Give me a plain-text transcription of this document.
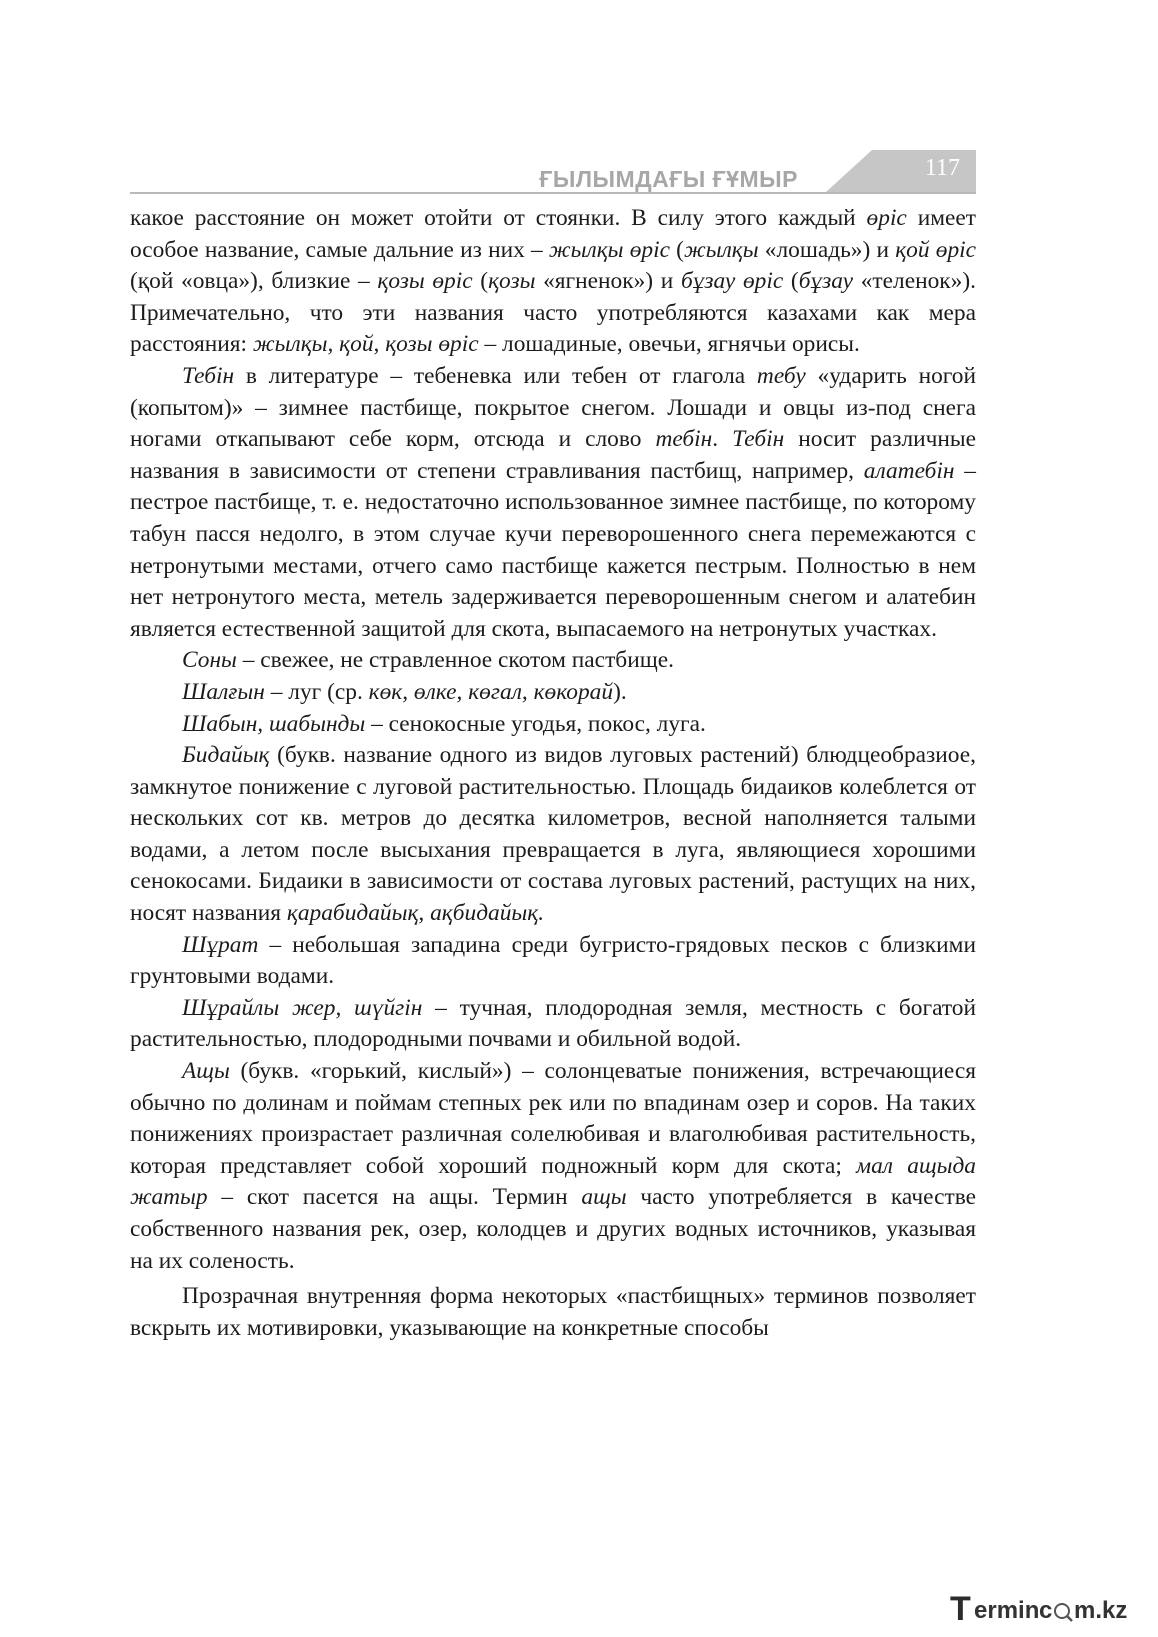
ҒЫЛЫМДАҒЫ ҒҰМЫР	117

какое расстояние он может отойти от стоянки. В силу этого каждый өріс имеет особое название, самые дальние из них – жылқы өріс (жылқы «лошадь») и қой өріс (қой «овца»), близкие – қозы өріс (қозы «ягненок») и бұзау өріс (бұзау «теленок»). Примечательно, что эти названия часто употребляются казахами как мера расстояния: жылқы, қой, қозы өріс – лошадиные, овечьи, ягнячьи орисы.

Тебін в литературе – тебеневка или тебен от глагола тебу «ударить ногой (копытом)» – зимнее пастбище, покрытое снегом. Лошади и овцы из-под снега ногами откапывают себе корм, отсюда и слово тебін. Тебін носит различные названия в зависимости от степени стравливания пастбищ, например, алатебін – пестрое пастбище, т. е. недостаточно использованное зимнее пастбище, по которому табун пасся недолго, в этом случае кучи переворошенного снега перемежаются с нетронутыми местами, отчего само пастбище кажется пестрым. Полностью в нем нет нетронутого места, метель задерживается переворошенным снегом и алатебин является естественной защитой для скота, выпасаемого на нетронутых участках.

Соны – свежее, не стравленное скотом пастбище.

Шалғын – луг (ср. көк, өлке, көгал, көкорай).

Шабын, шабынды – сенокосные угодья, покос, луга.

Бидайық (букв. название одного из видов луговых растений) блюдцеобразиое, замкнутое понижение с луговой растительностью. Площадь бидаиков колеблется от нескольких сот кв. метров до десятка километров, весной наполняется талыми водами, а летом после высыхания превращается в луга, являющиеся хорошими сенокосами. Бидаики в зависимости от состава луговых растений, растущих на них, носят названия қарабидайық, ақбидайық.

Шұрат – небольшая западина среди бугристо-грядовых песков с близкими грунтовыми водами.

Шұрайлы жер, шүйгін – тучная, плодородная земля, местность с богатой растительностью, плодородными почвами и обильной водой.

Ащы (букв. «горький, кислый») – солонцеватые понижения, встречающиеся обычно по долинам и поймам степных рек или по впадинам озер и соров. На таких понижениях произрастает различная солелюбивая и влаголюбивая растительность, которая представляет собой хороший подножный корм для скота; мал ащыда жатыр – скот пасется на ащы. Термин ащы часто употребляется в качестве собственного названия рек, озер, колодцев и других водных источников, указывая на их соленость.

Прозрачная внутренняя форма некоторых «пастбищных» терминов позволяет вскрыть их мотивировки, указывающие на конкретные способы

T ermin c m.kz
